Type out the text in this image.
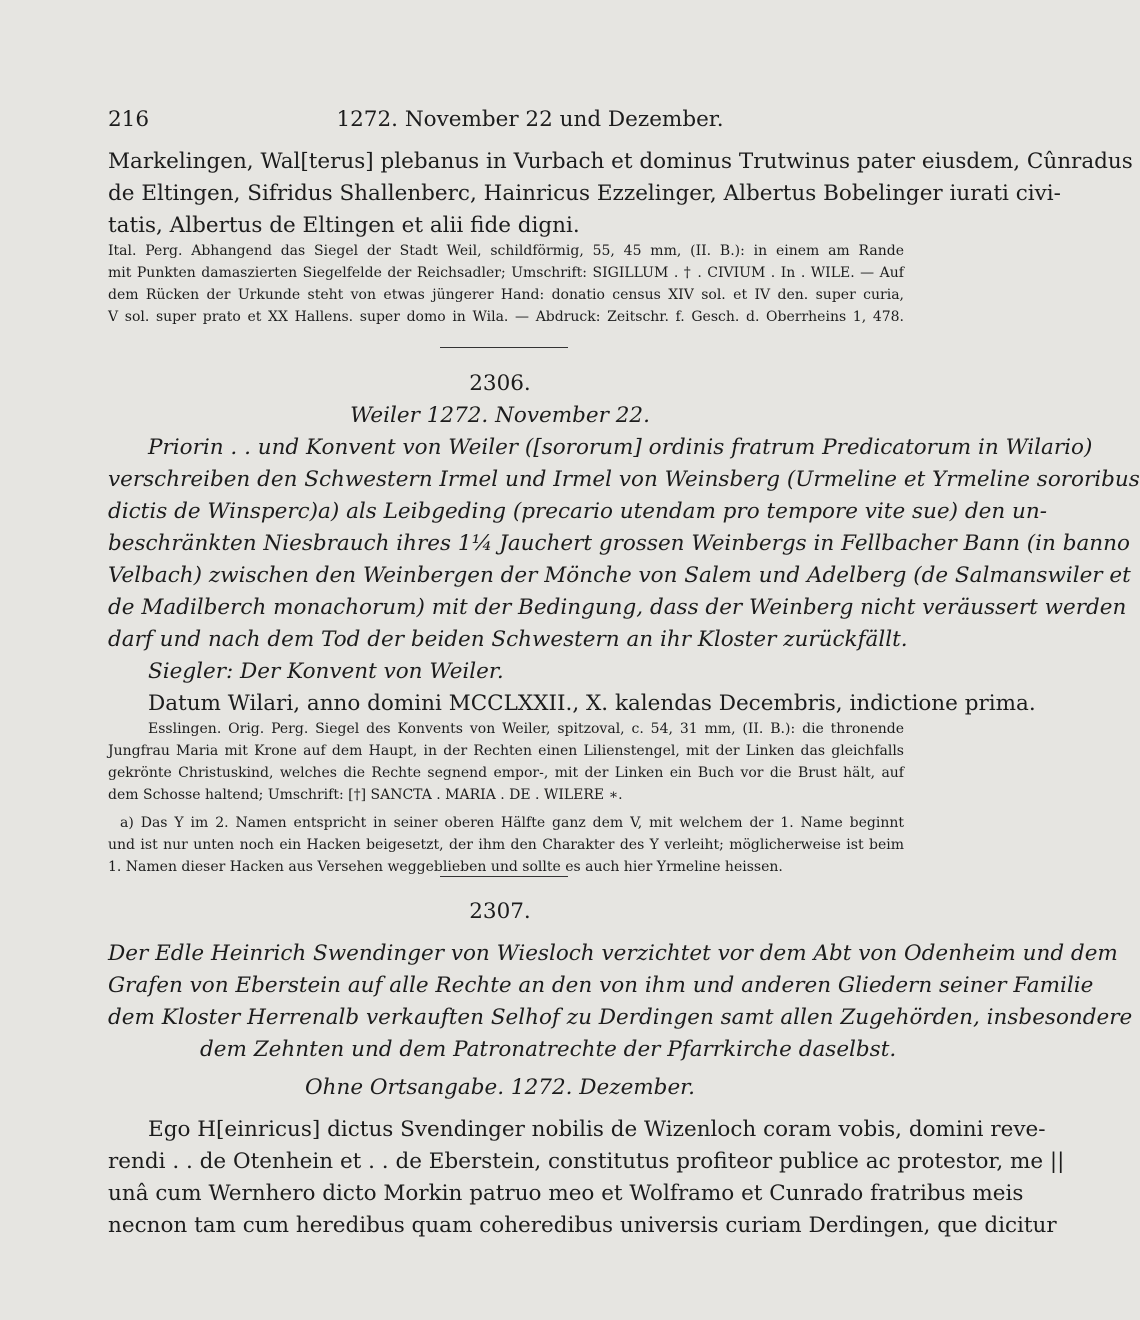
216	1272. November 22 und Dezember.
Markelingen, Wal[terus] plebanus in Vurbach et dominus Trutwinus pater eiusdem, Cûnradus
de Eltingen, Sifridus Shallenberc, Hainricus Ezzelinger, Albertus Bobelinger iurati civi-
tatis, Albertus de Eltingen et alii fide digni.
Ital. Perg. Abhangend das Siegel der Stadt Weil, schildförmig, 55, 45 mm, (II. B.): in einem am Rande
mit Punkten damaszierten Siegelfelde der Reichsadler; Umschrift: SIGILLUM . † . CIVIUM . In . WILE. — Auf
dem Rücken der Urkunde steht von etwas jüngerer Hand: donatio census XIV sol. et IV den. super curia,
V sol. super prato et XX Hallens. super domo in Wila. — Abdruck: Zeitschr. f. Gesch. d. Oberrheins 1, 478.
2306.
Weiler 1272. November 22.
Priorin . . und Konvent von Weiler ([sororum] ordinis fratrum Predicatorum in Wilario)
verschreiben den Schwestern Irmel und Irmel von Weinsberg (Urmeline et Yrmeline sororibus
dictis de Winsperc)a) als Leibgeding (precario utendam pro tempore vite sue) den un-
beschränkten Niesbrauch ihres 1¼ Jauchert grossen Weinbergs in Fellbacher Bann (in banno
Velbach) zwischen den Weinbergen der Mönche von Salem und Adelberg (de Salmanswiler et
de Madilberch monachorum) mit der Bedingung, dass der Weinberg nicht veräussert werden
darf und nach dem Tod der beiden Schwestern an ihr Kloster zurückfällt.
Siegler: Der Konvent von Weiler.
Datum Wilari, anno domini MCCLXXII., X. kalendas Decembris, indictione prima.
Esslingen. Orig. Perg. Siegel des Konvents von Weiler, spitzoval, c. 54, 31 mm, (II. B.): die thronende
Jungfrau Maria mit Krone auf dem Haupt, in der Rechten einen Lilienstengel, mit der Linken das gleichfalls
gekrönte Christuskind, welches die Rechte segnend empor-, mit der Linken ein Buch vor die Brust hält, auf
dem Schosse haltend; Umschrift: [†] SANCTA . MARIA . DE . WILERE ∗.
a) Das Y im 2. Namen entspricht in seiner oberen Hälfte ganz dem V, mit welchem der 1. Name beginnt
und ist nur unten noch ein Hacken beigesetzt, der ihm den Charakter des Y verleiht; möglicherweise ist beim
1. Namen dieser Hacken aus Versehen weggeblieben und sollte es auch hier Yrmeline heissen.
2307.
Der Edle Heinrich Swendinger von Wiesloch verzichtet vor dem Abt von Odenheim und dem
Grafen von Eberstein auf alle Rechte an den von ihm und anderen Gliedern seiner Familie
dem Kloster Herrenalb verkauften Selhof zu Derdingen samt allen Zugehörden, insbesondere
dem Zehnten und dem Patronatrechte der Pfarrkirche daselbst.
Ohne Ortsangabe. 1272. Dezember.
Ego H[einricus] dictus Svendinger nobilis de Wizenloch coram vobis, domini reve-
rendi . . de Otenhein et . . de Eberstein, constitutus profiteor publice ac protestor, me ||
unâ cum Wernhero dicto Morkin patruo meo et Wolframo et Cunrado fratribus meis
necnon tam cum heredibus quam coheredibus universis curiam Derdingen, que dicitur
